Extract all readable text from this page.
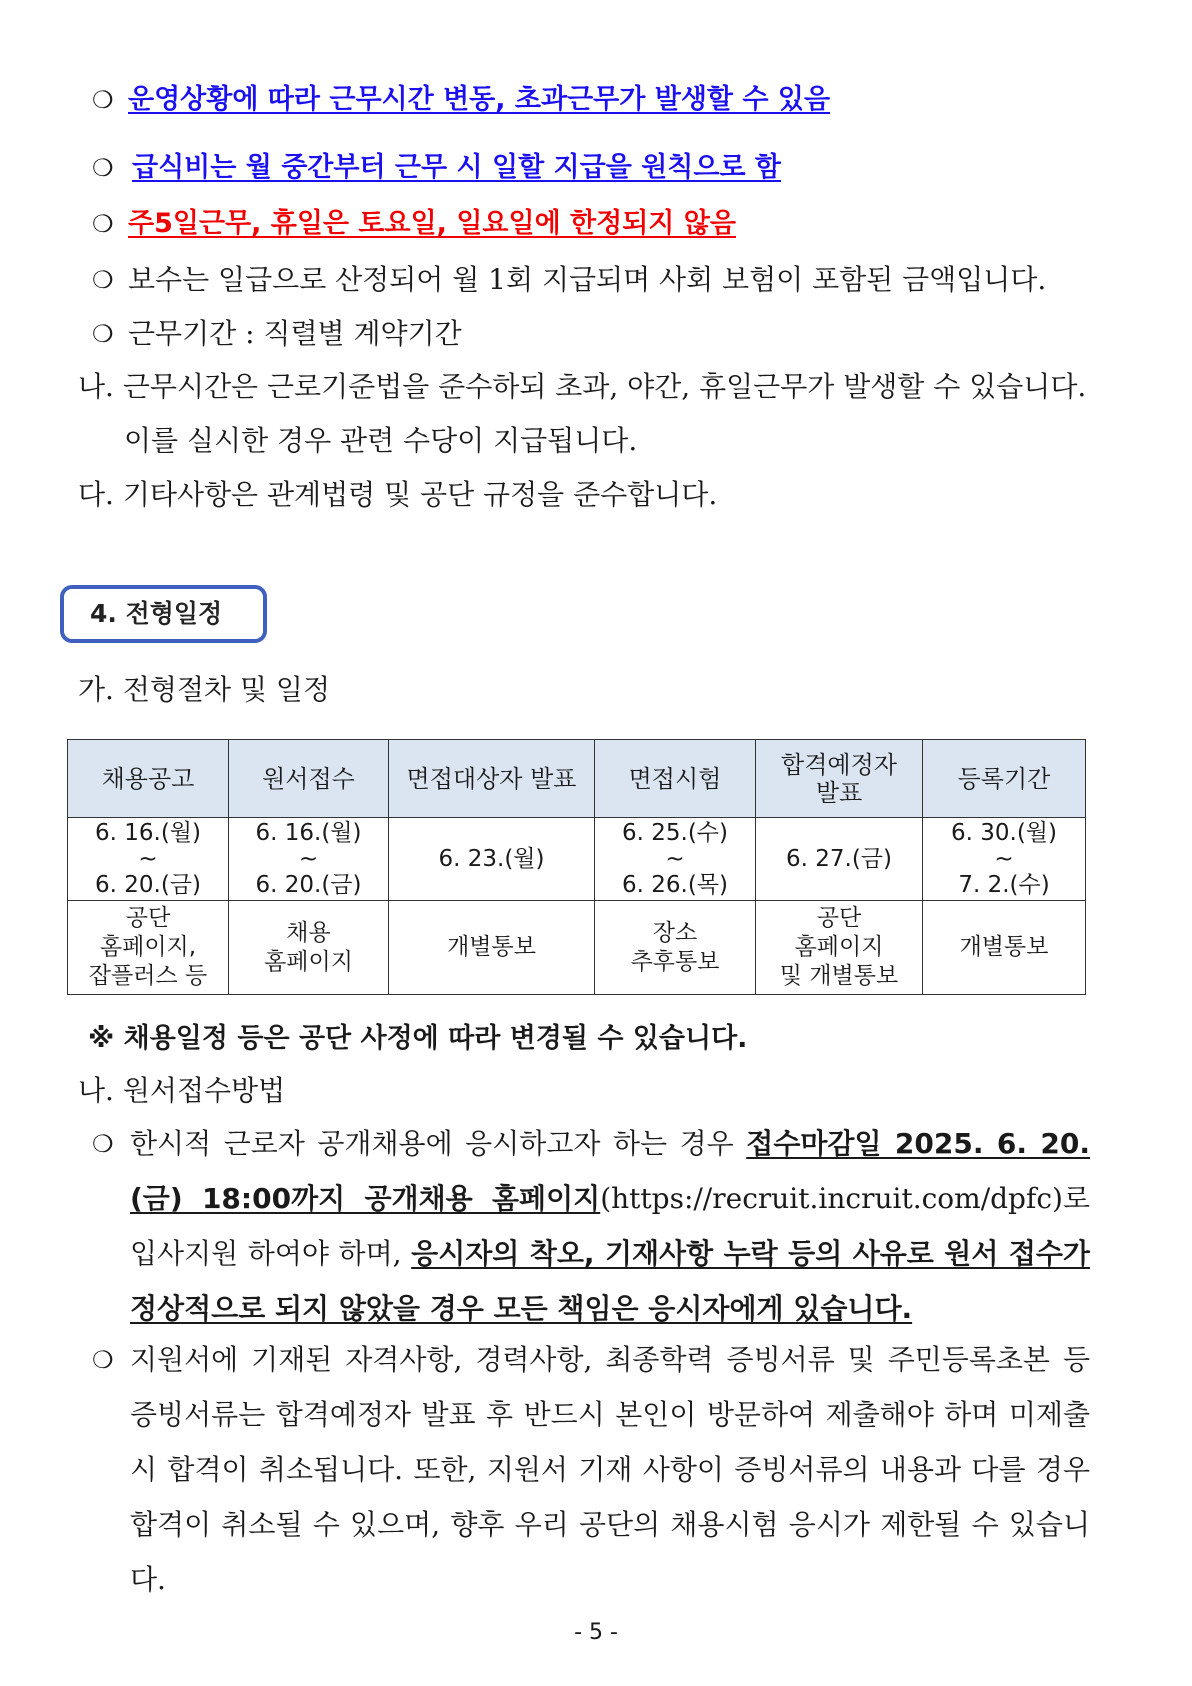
❍ 운영상황에 따라 근무시간 변동, 초과근무가 발생할 수 있음
❍ 급식비는 월 중간부터 근무 시 일할 지급을 원칙으로 함
❍ 주5일근무, 휴일은 토요일, 일요일에 한정되지 않음
❍ 보수는 일급으로 산정되어 월 1회 지급되며 사회 보험이 포함된 금액입니다.
❍ 근무기간 : 직렬별 계약기간
나. 근무시간은 근로기준법을 준수하되 초과, 야간, 휴일근무가 발생할 수 있습니다.
이를 실시한 경우 관련 수당이 지급됩니다.
다. 기타사항은 관계법령 및 공단 규정을 준수합니다.
4. 전형일정
가. 전형절차 및 일정
채용공고	원서접수	면접대상자 발표	면접시험	합격예정자
발표	등록기간
6. 16.(월)
~
6. 20.(금)	6. 16.(월)
~
6. 20.(금)	6. 23.(월)	6. 25.(수)
~
6. 26.(목)	6. 27.(금)	6. 30.(월)
~
7. 2.(수)
공단
홈페이지,
잡플러스 등	채용
홈페이지	개별통보	장소
추후통보	공단
홈페이지
및 개별통보	개별통보
※ 채용일정 등은 공단 사정에 따라 변경될 수 있습니다.
나. 원서접수방법
❍ 한시적 근로자 공개채용에 응시하고자 하는 경우 접수마감일 2025. 6. 20.(금) 18:00까지 공개채용 홈페이지(https://recruit.incruit.com/dpfc)로 입사지원 하여야 하며, 응시자의 착오, 기재사항 누락 등의 사유로 원서 접수가 정상적으로 되지 않았을 경우 모든 책임은 응시자에게 있습니다.
❍ 지원서에 기재된 자격사항, 경력사항, 최종학력 증빙서류 및 주민등록초본 등 증빙서류는 합격예정자 발표 후 반드시 본인이 방문하여 제출해야 하며 미제출 시 합격이 취소됩니다. 또한, 지원서 기재 사항이 증빙서류의 내용과 다를 경우 합격이 취소될 수 있으며, 향후 우리 공단의 채용시험 응시가 제한될 수 있습니다.
- 5 -
